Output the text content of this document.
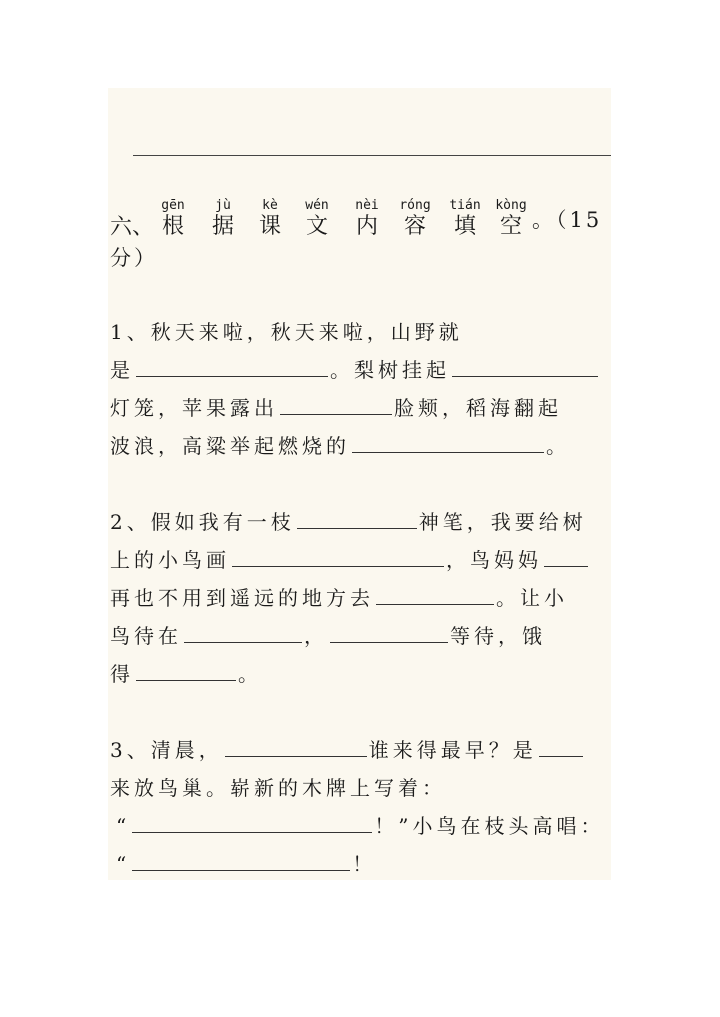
六、
gēn
根
jù
据
kè
课
wén
文
nèi
内
róng
容
tián
填
kòng
空 。（15
分）
1、秋天来啦，秋天来啦，山野就
是	。梨树挂起
灯笼，苹果露出	脸颊，稻海翻起
波浪，高粱举起燃烧的	。
2、假如我有一枝	神笔，我要给树
上的小鸟画	，鸟妈妈
再也不用到遥远的地方去	。让小
鸟待在	，	等待，饿
得	。
3、清晨，	谁来得最早？是
来放鸟巢。崭新的木牌上写着：
“	！”小鸟在枝头高唱：
“	！
